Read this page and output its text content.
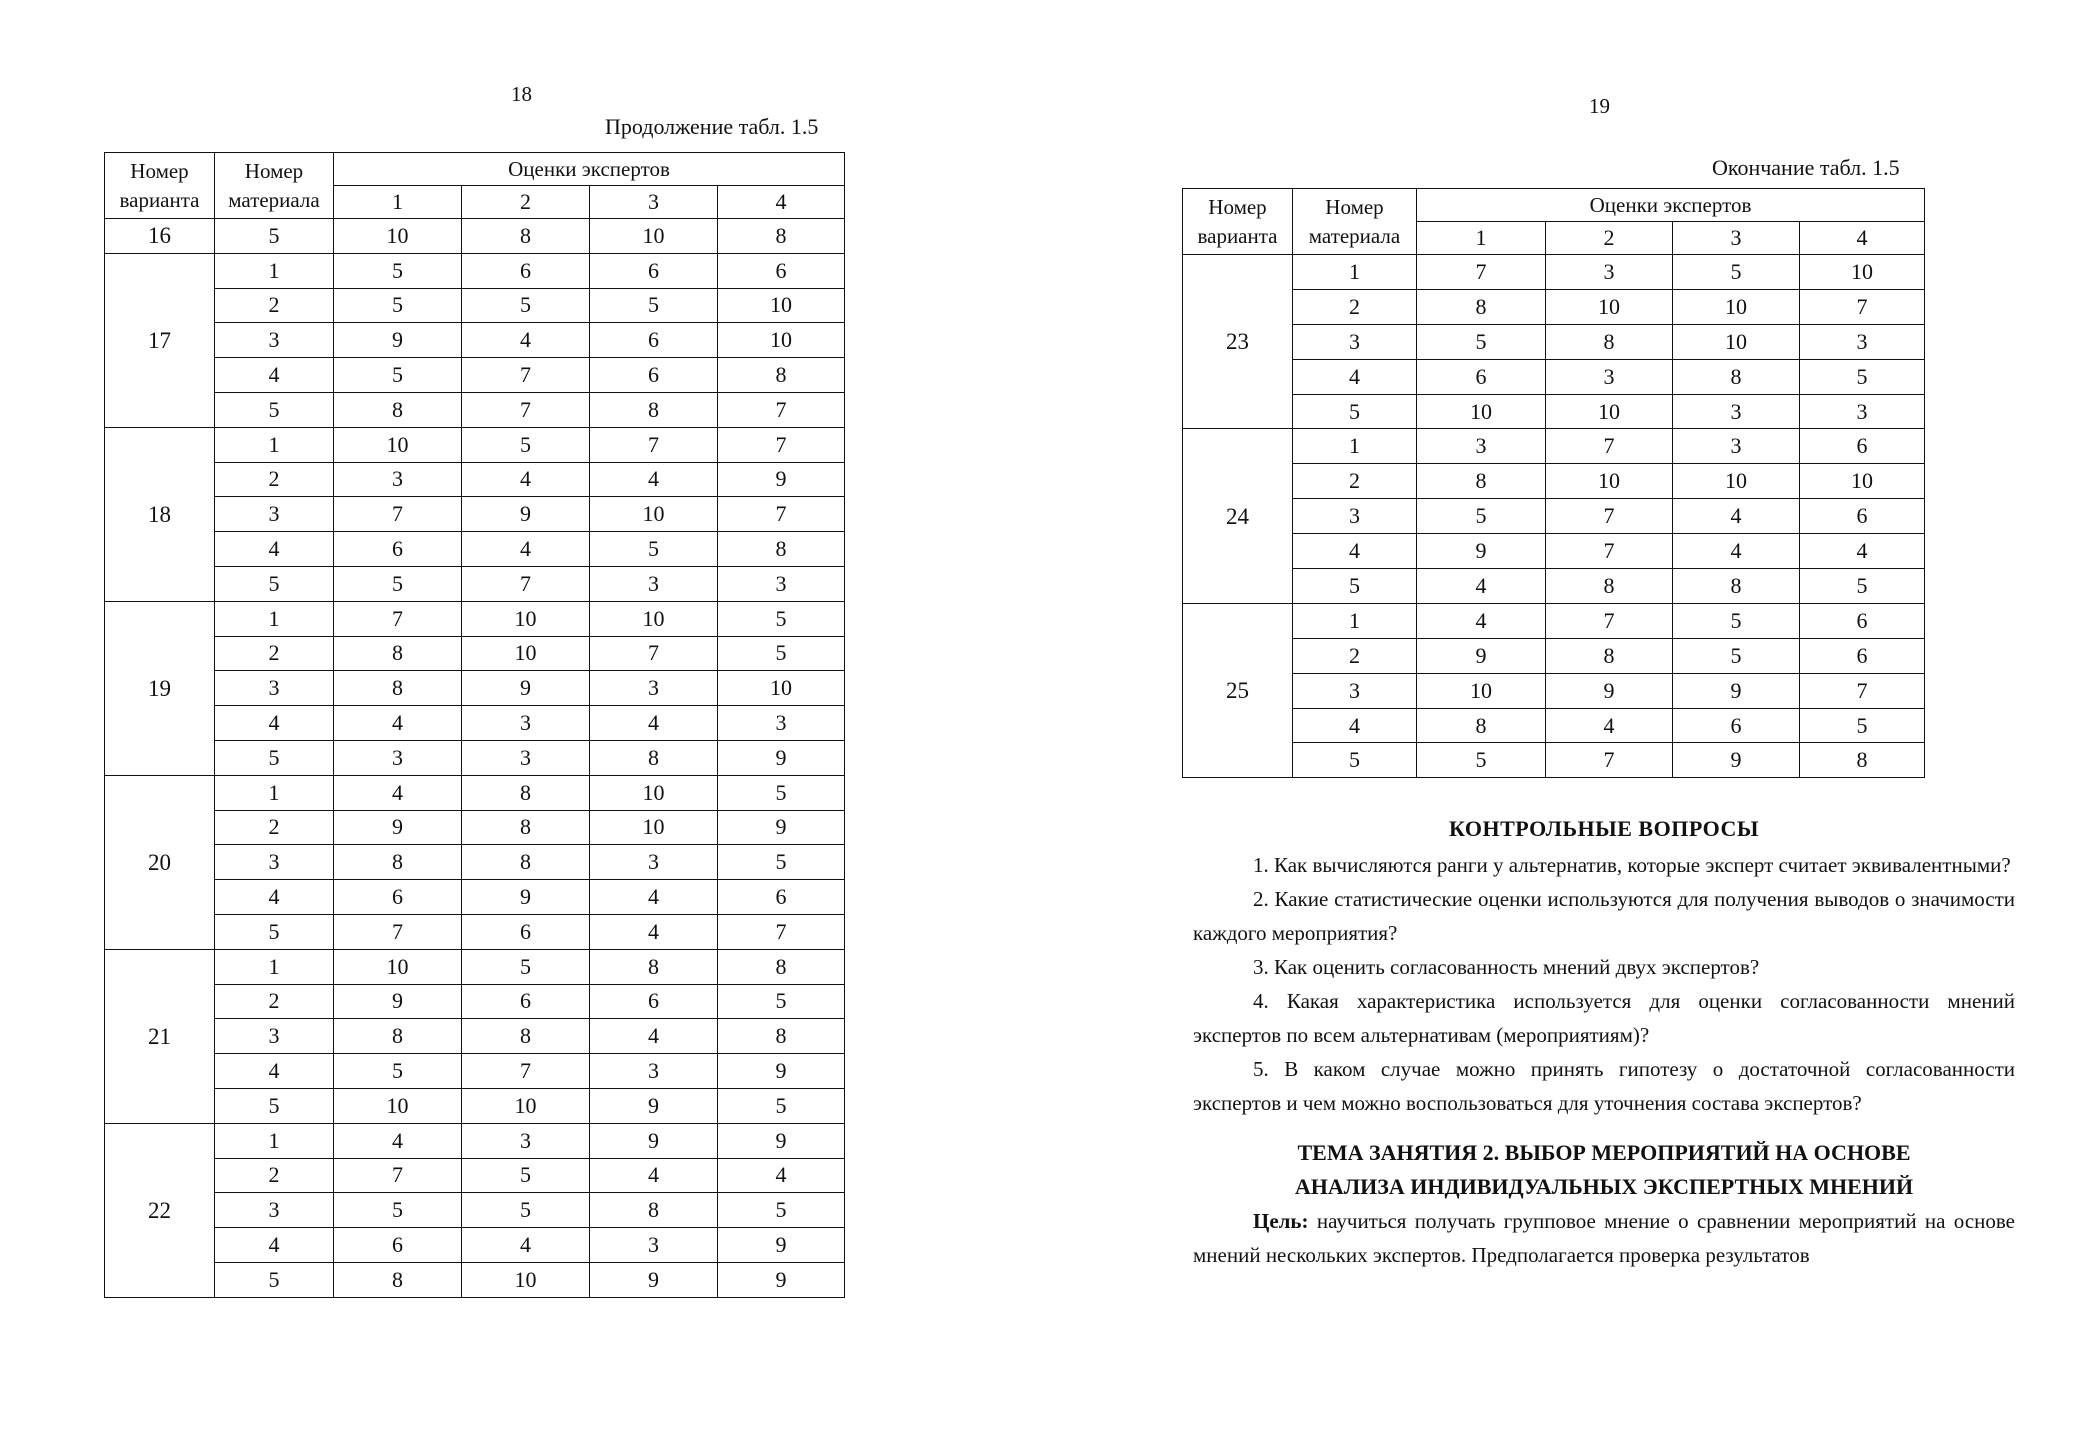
18
Продолжение табл. 1.5
Номер варианта	Номер материала	Оценки экспертов			
		1	2	3	4
16	5	10	8	10	8
17	1	5	6	6	6
	2	5	5	5	10
	3	9	4	6	10
	4	5	7	6	8
	5	8	7	8	7
18	1	10	5	7	7
	2	3	4	4	9
	3	7	9	10	7
	4	6	4	5	8
	5	5	7	3	3
19	1	7	10	10	5
	2	8	10	7	5
	3	8	9	3	10
	4	4	3	4	3
	5	3	3	8	9
20	1	4	8	10	5
	2	9	8	10	9
	3	8	8	3	5
	4	6	9	4	6
	5	7	6	4	7
21	1	10	5	8	8
	2	9	6	6	5
	3	8	8	4	8
	4	5	7	3	9
	5	10	10	9	5
22	1	4	3	9	9
	2	7	5	4	4
	3	5	5	8	5
	4	6	4	3	9
	5	8	10	9	9
19
Окончание табл. 1.5
Номер варианта	Номер материала	Оценки экспертов			
		1	2	3	4
23	1	7	3	5	10
	2	8	10	10	7
	3	5	8	10	3
	4	6	3	8	5
	5	10	10	3	3
24	1	3	7	3	6
	2	8	10	10	10
	3	5	7	4	6
	4	9	7	4	4
	5	4	8	8	5
25	1	4	7	5	6
	2	9	8	5	6
	3	10	9	9	7
	4	8	4	6	5
	5	5	7	9	8
КОНТРОЛЬНЫЕ ВОПРОСЫ

1. Как вычисляются ранги у альтернатив, которые эксперт считает эквивалентными?

2. Какие статистические оценки используются для получения выводов о значимости каждого мероприятия?

3. Как оценить согласованность мнений двух экспертов?

4. Какая характеристика используется для оценки согласованности мнений экспертов по всем альтернативам (мероприятиям)?

5. В каком случае можно принять гипотезу о достаточной согласованности экспертов и чем можно воспользоваться для уточнения состава экспертов?

ТЕМА ЗАНЯТИЯ 2. ВЫБОР МЕРОПРИЯТИЙ НА ОСНОВЕ
АНАЛИЗА ИНДИВИДУАЛЬНЫХ ЭКСПЕРТНЫХ МНЕНИЙ

Цель: научиться получать групповое мнение о сравнении мероприятий на основе мнений нескольких экспертов. Предполагается проверка результатов
